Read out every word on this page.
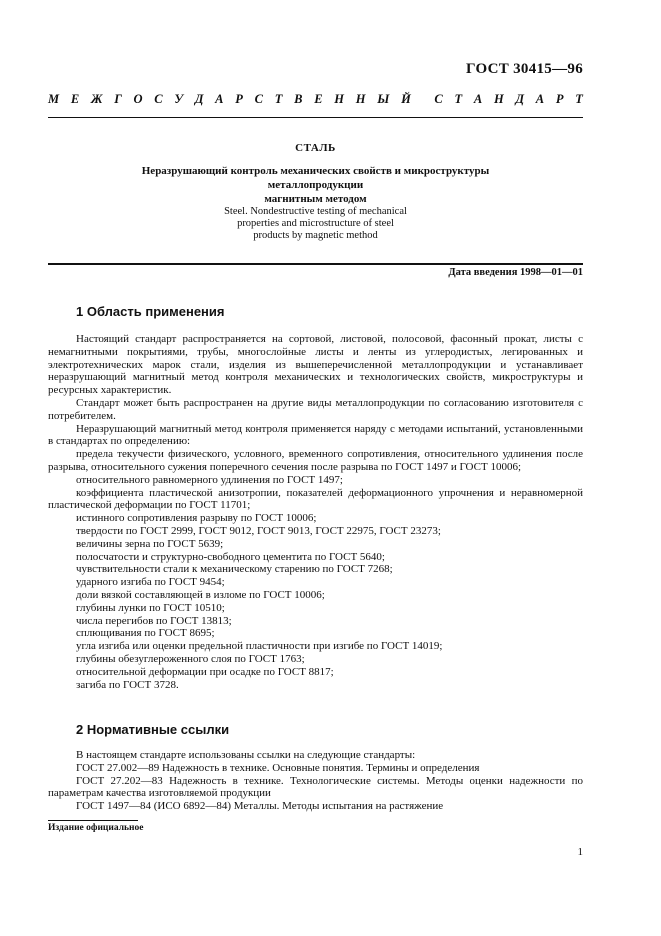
ГОСТ 30415—96
М Е Ж Г О С У Д А Р С Т В Е Н Н Ы Й С Т А Н Д А Р Т
СТАЛЬ
Неразрушающий контроль механических свойств и микроструктуры металлопродукции
магнитным методом
Steel. Nondestructive testing of mechanical
properties and microstructure of steel
products by magnetic method
Дата введения 1998—01—01
1 Область применения

Настоящий стандарт распространяется на сортовой, листовой, полосовой, фасонный прокат, листы с немагнитными покрытиями, трубы, многослойные листы и ленты из углеродистых, легированных и электротехнических марок стали, изделия из вышеперечисленной металлопродукции и устанавливает неразрушающий магнитный метод контроля механических и технологических свойств, микроструктуры и ресурсных характеристик.

Стандарт может быть распространен на другие виды металлопродукции по согласованию изготовителя с потребителем.

Неразрушающий магнитный метод контроля применяется наряду с методами испытаний, установленными в стандартах по определению:

предела текучести физического, условного, временного сопротивления, относительного удлинения после разрыва, относительного сужения поперечного сечения после разрыва по ГОСТ 1497 и ГОСТ 10006;

относительного равномерного удлинения по ГОСТ 1497;

коэффициента пластической анизотропии, показателей деформационного упрочнения и неравномерной пластической деформации по ГОСТ 11701;

истинного сопротивления разрыву по ГОСТ 10006;

твердости по ГОСТ 2999, ГОСТ 9012, ГОСТ 9013, ГОСТ 22975, ГОСТ 23273;

величины зерна по ГОСТ 5639;

полосчатости и структурно-свободного цементита по ГОСТ 5640;

чувствительности стали к механическому старению по ГОСТ 7268;

ударного изгиба по ГОСТ 9454;

доли вязкой составляющей в изломе по ГОСТ 10006;

глубины лунки по ГОСТ 10510;

числа перегибов по ГОСТ 13813;

сплющивания по ГОСТ 8695;

угла изгиба или оценки предельной пластичности при изгибе по ГОСТ 14019;

глубины обезуглероженного слоя по ГОСТ 1763;

относительной деформации при осадке по ГОСТ 8817;

загиба по ГОСТ 3728.

2 Нормативные ссылки

В настоящем стандарте использованы ссылки на следующие стандарты:

ГОСТ 27.002—89 Надежность в технике. Основные понятия. Термины и определения

ГОСТ 27.202—83 Надежность в технике. Технологические системы. Методы оценки надежности по параметрам качества изготовляемой продукции

ГОСТ 1497—84 (ИСО 6892—84) Металлы. Методы испытания на растяжение

Издание официальное
1
